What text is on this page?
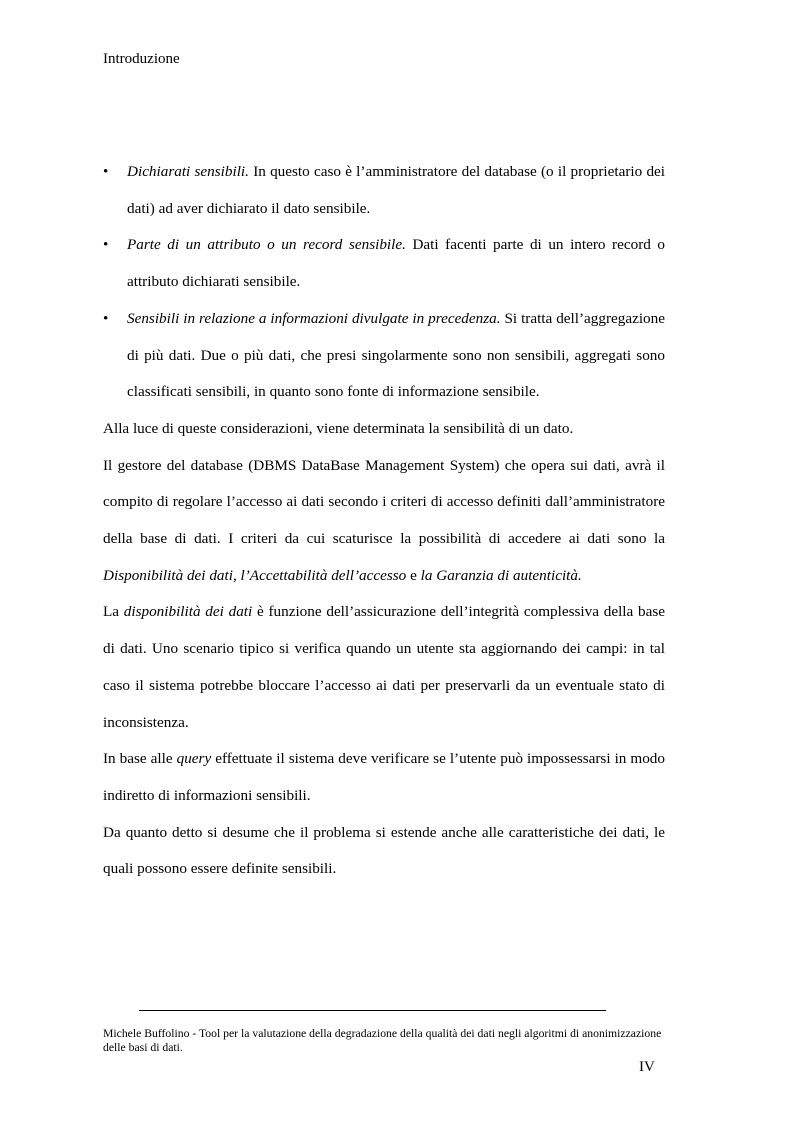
Introduzione
• Dichiarati sensibili. In questo caso è l’amministratore del database (o il proprietario dei dati) ad aver dichiarato il dato sensibile.
• Parte di un attributo o un record sensibile. Dati facenti parte di un intero record o attributo dichiarati sensibile.
• Sensibili in relazione a informazioni divulgate in precedenza. Si tratta dell’aggregazione di più dati. Due o più dati, che presi singolarmente sono non sensibili, aggregati sono classificati sensibili, in quanto sono fonte di informazione sensibile.

Alla luce di queste considerazioni, viene determinata la sensibilità di un dato.

Il gestore del database (DBMS DataBase Management System) che opera sui dati, avrà il compito di regolare l’accesso ai dati secondo i criteri di accesso definiti dall’amministratore della base di dati. I criteri da cui scaturisce la possibilità di accedere ai dati sono la Disponibilità dei dati, l’Accettabilità dell’accesso e la Garanzia di autenticità.

La disponibilità dei dati è funzione dell’assicurazione dell’integrità complessiva della base di dati. Uno scenario tipico si verifica quando un utente sta aggiornando dei campi: in tal caso il sistema potrebbe bloccare l’accesso ai dati per preservarli da un eventuale stato di inconsistenza.

In base alle query effettuate il sistema deve verificare se l’utente può impossessarsi in modo indiretto di informazioni sensibili.

Da quanto detto si desume che il problema si estende anche alle caratteristiche dei dati, le quali possono essere definite sensibili.

Michele Buffolino - Tool per la valutazione della degradazione della qualità dei dati negli algoritmi di anonimizzazione delle basi di dati.
IV
